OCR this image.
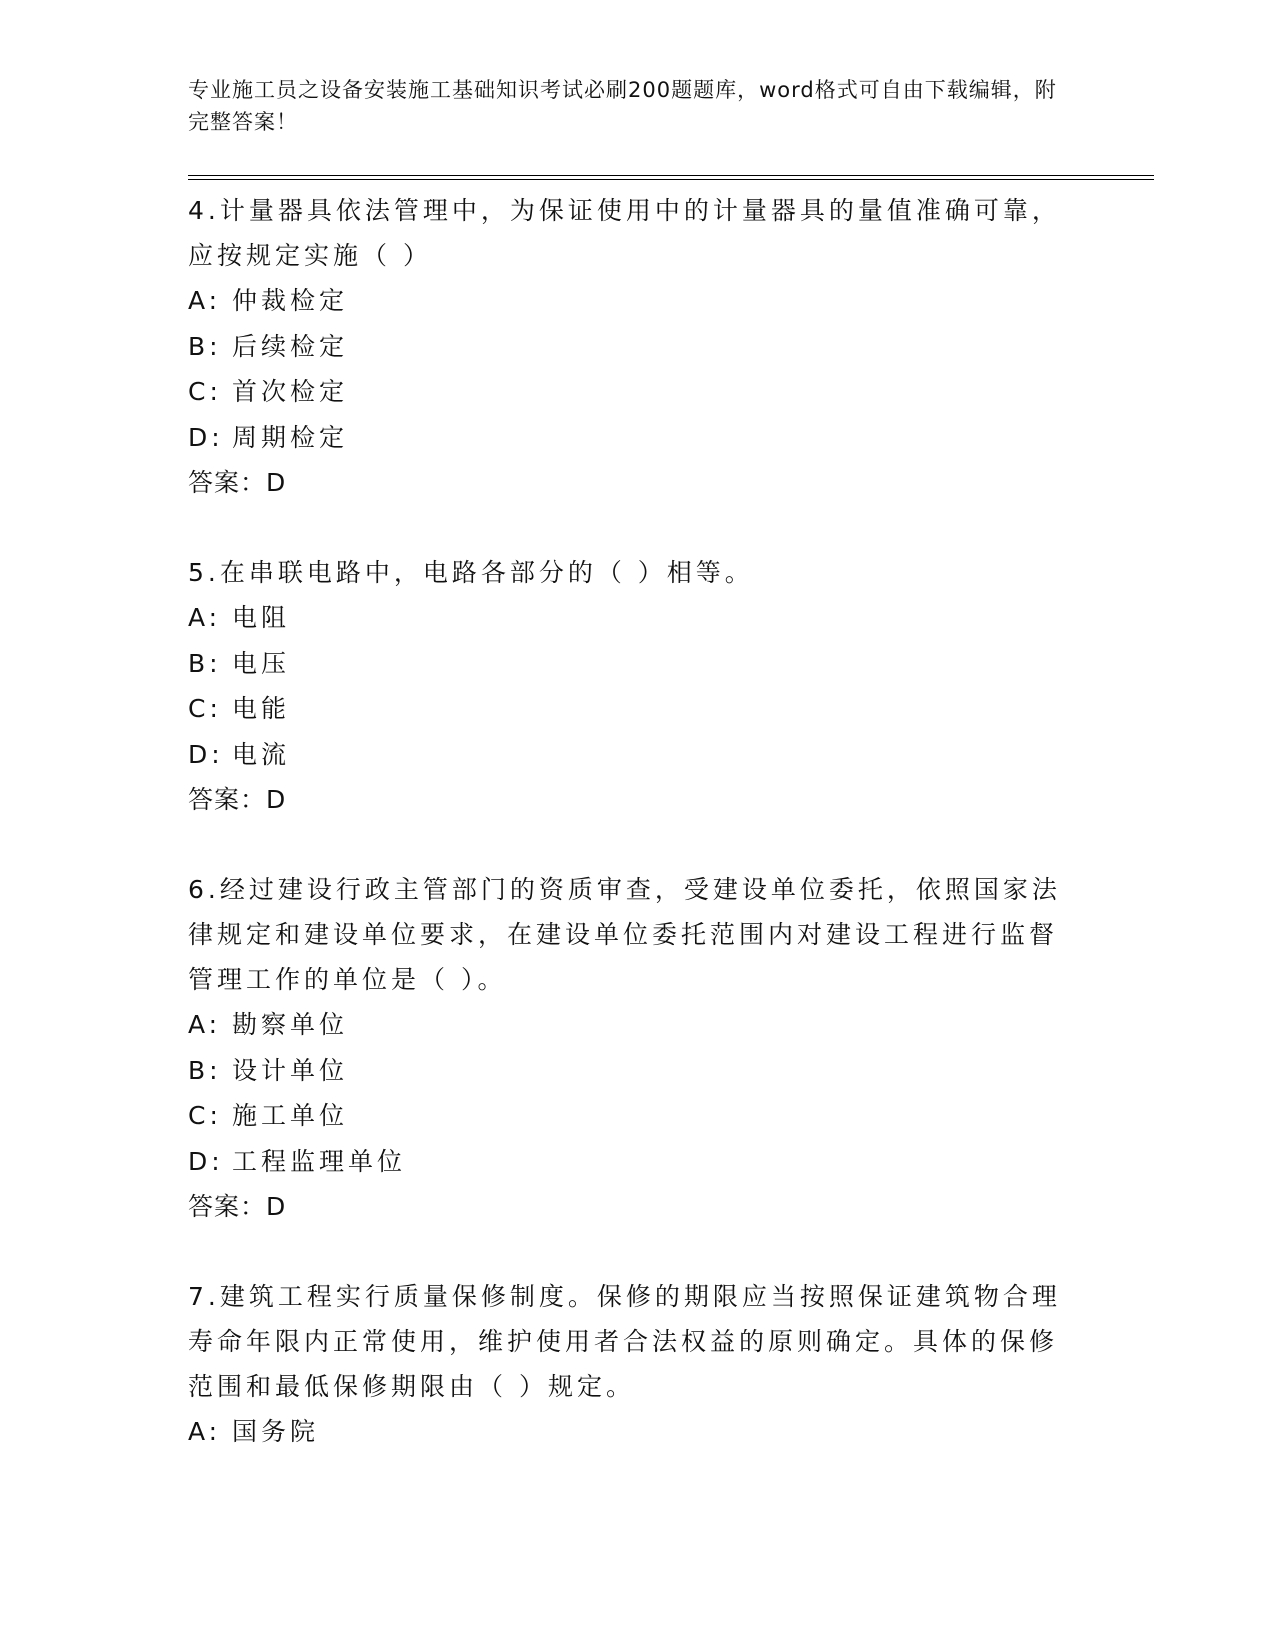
专业施工员之设备安装施工基础知识考试必刷200题题库，word格式可自由下载编辑，附完整答案！
4.计量器具依法管理中，为保证使用中的计量器具的量值准确可靠，应按规定实施（ ）
A: 仲裁检定
B: 后续检定
C: 首次检定
D: 周期检定
答案：D
5.在串联电路中，电路各部分的（ ）相等。
A: 电阻
B: 电压
C: 电能
D: 电流
答案：D
6.经过建设行政主管部门的资质审查，受建设单位委托，依照国家法律规定和建设单位要求，在建设单位委托范围内对建设工程进行监督管理工作的单位是（ ）。
A: 勘察单位
B: 设计单位
C: 施工单位
D: 工程监理单位
答案：D
7.建筑工程实行质量保修制度。保修的期限应当按照保证建筑物合理寿命年限内正常使用，维护使用者合法权益的原则确定。具体的保修范围和最低保修期限由（ ）规定。
A: 国务院
